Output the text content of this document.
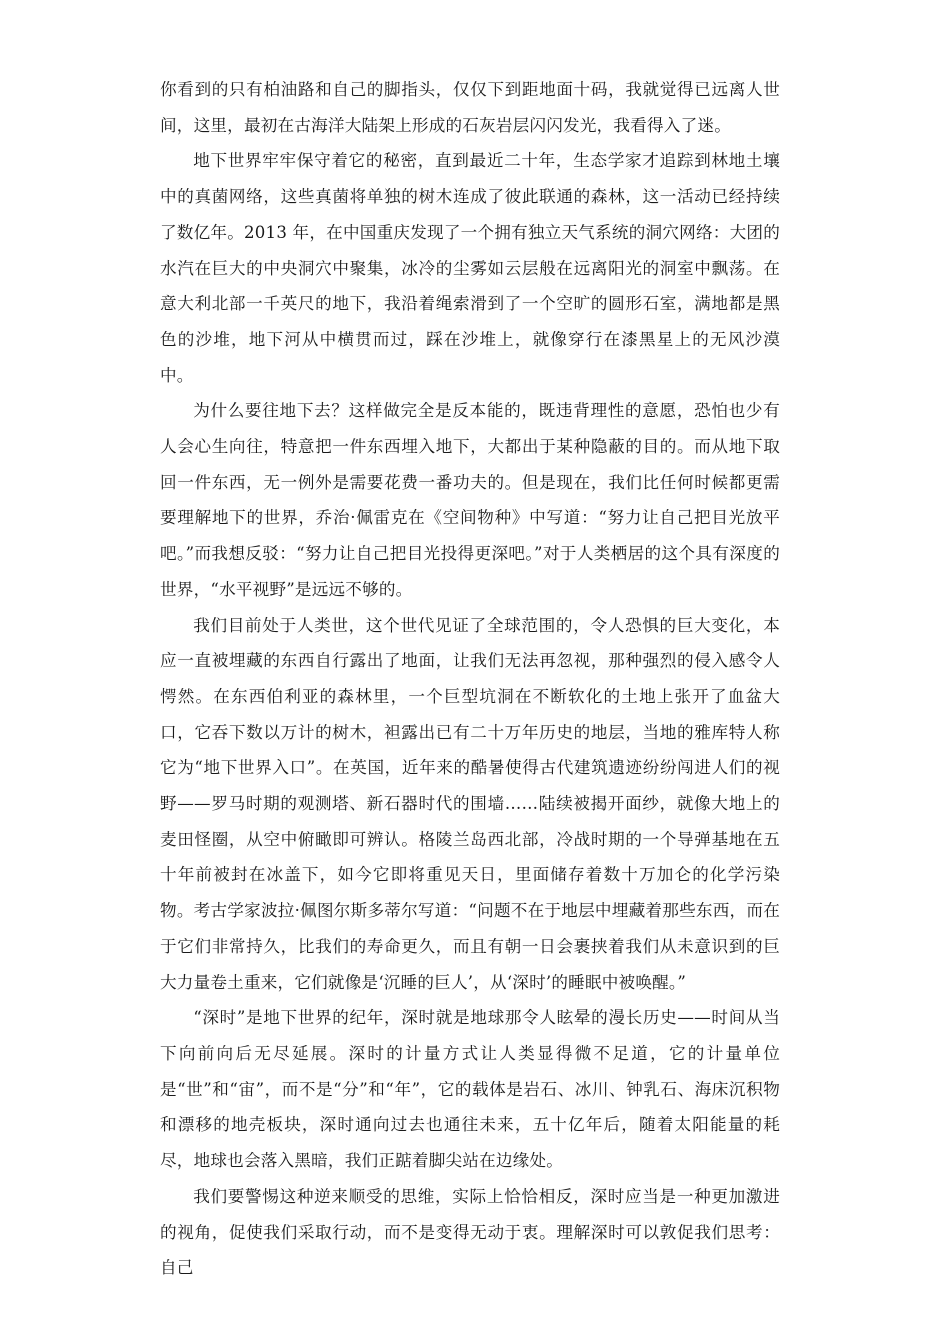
你看到的只有柏油路和自己的脚指头，仅仅下到距地面十码，我就觉得已远离人世间，这里，最初在古海洋大陆架上形成的石灰岩层闪闪发光，我看得入了迷。

地下世界牢牢保守着它的秘密，直到最近二十年，生态学家才追踪到林地土壤中的真菌网络，这些真菌将单独的树木连成了彼此联通的森林，这一活动已经持续了数亿年。2013 年，在中国重庆发现了一个拥有独立天气系统的洞穴网络：大团的水汽在巨大的中央洞穴中聚集，冰冷的尘雾如云层般在远离阳光的洞室中飘荡。在意大利北部一千英尺的地下，我沿着绳索滑到了一个空旷的圆形石室，满地都是黑色的沙堆，地下河从中横贯而过，踩在沙堆上，就像穿行在漆黑星上的无风沙漠中。

为什么要往地下去？这样做完全是反本能的，既违背理性的意愿，恐怕也少有人会心生向往，特意把一件东西埋入地下，大都出于某种隐蔽的目的。而从地下取回一件东西，无一例外是需要花费一番功夫的。但是现在，我们比任何时候都更需要理解地下的世界，乔治·佩雷克在《空间物种》中写道：“努力让自己把目光放平吧。”而我想反驳：“努力让自己把目光投得更深吧。”对于人类栖居的这个具有深度的世界，“水平视野”是远远不够的。

我们目前处于人类世，这个世代见证了全球范围的，令人恐惧的巨大变化，本应一直被埋藏的东西自行露出了地面，让我们无法再忽视，那种强烈的侵入感令人愕然。在东西伯利亚的森林里，一个巨型坑洞在不断软化的土地上张开了血盆大口，它吞下数以万计的树木，袒露出已有二十万年历史的地层，当地的雅库特人称它为“地下世界入口”。在英国，近年来的酷暑使得古代建筑遗迹纷纷闯进人们的视野——罗马时期的观测塔、新石器时代的围墙……陆续被揭开面纱，就像大地上的麦田怪圈，从空中俯瞰即可辨认。格陵兰岛西北部，冷战时期的一个导弹基地在五十年前被封在冰盖下，如今它即将重见天日，里面储存着数十万加仑的化学污染物。考古学家波拉·佩图尔斯多蒂尔写道：“问题不在于地层中埋藏着那些东西，而在于它们非常持久，比我们的寿命更久，而且有朝一日会裹挟着我们从未意识到的巨大力量卷土重来，它们就像是‘沉睡的巨人’，从‘深时’的睡眠中被唤醒。”

“深时”是地下世界的纪年，深时就是地球那令人眩晕的漫长历史——时间从当下向前向后无尽延展。深时的计量方式让人类显得微不足道，它的计量单位是“世”和“宙”，而不是“分”和“年”，它的载体是岩石、冰川、钟乳石、海床沉积物和漂移的地壳板块，深时通向过去也通往未来，五十亿年后，随着太阳能量的耗尽，地球也会落入黑暗，我们正踮着脚尖站在边缘处。

我们要警惕这种逆来顺受的思维，实际上恰恰相反，深时应当是一种更加激进的视角，促使我们采取行动，而不是变得无动于衷。理解深时可以敦促我们思考：自己
